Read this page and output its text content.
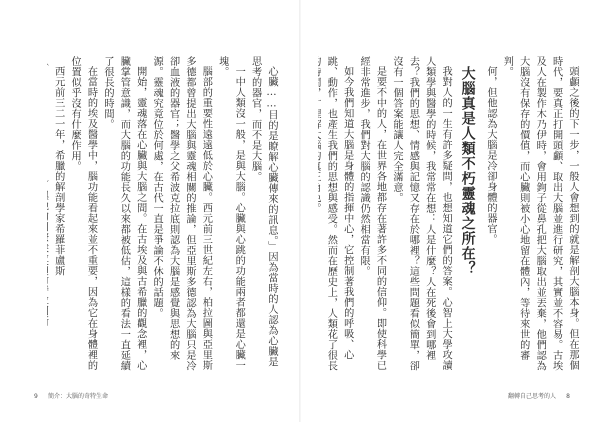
心臟……目的是瞭解心臟傳來的訊息。」因為當時的人認為心臟是思考的器官，而不是大腦。

一中人類沒一般，是與大腦。心臟與心跳的功能兩者都還是心臟一塊。

腦部的重要性遠遠低於心臟。西元前三世紀左右，柏拉圖與亞里斯多德都曾提出大腦與靈魂相關的推論，但亞里斯多德認為大腦只是冷卻血液的器官；醫學之父希波克拉底則認為大腦是感覺與思想的來源。靈魂究竟位於何處，在古代一直是爭論不休的話題。

開始，靈魂落在心臟與大腦之間。在古埃及與古希臘的觀念裡，心臟掌管意識，而大腦的功能長久以來都被低估，這樣的看法一直延續了很長的時間。

在當時的埃及醫學中，腦功能看起來並不重要，因為它在身體裡的位置似乎沒有什麼作用。

西元前三二一年，希臘的解剖學家希羅菲盧斯

9 簡介：大腦的奇特生命

頭顱之後的下一步，一般人會想到的就是解剖大腦本身。但在那個時代，要真正打開頭顱、取出大腦並進行研究，其實並不容易。古埃及人在製作木乃伊時，會用鉤子從鼻孔把大腦取出並丟棄，他們認為大腦沒有保存的價值，而心臟則被小心地留在體內，等待來世的審判。

何，但他認為大腦是冷卻身體的器官。

大腦真是人類不朽靈魂之所在？

我對人的一生有許多疑問，也想知道它們的答案。心智上大學攻讀人類學與醫學的時候，我常常在想：人是什麼？人在死後會到哪裡去？我們的思想、情感與記憶又存在於哪裡？這些問題看似簡單，卻沒有一個答案能讓人完全滿意。

是要不中的人，在世界各地都存在著許多不同的信仰。即使科學已經非常進步，我們對大腦的認識仍然相當有限。

如今我們知道大腦是身體的指揮中心，它控制著我們的呼吸、心跳、動作，也產生我們的思想與感受。然而在歷史上，人類花了很長

8
翻轉自己思考的人
